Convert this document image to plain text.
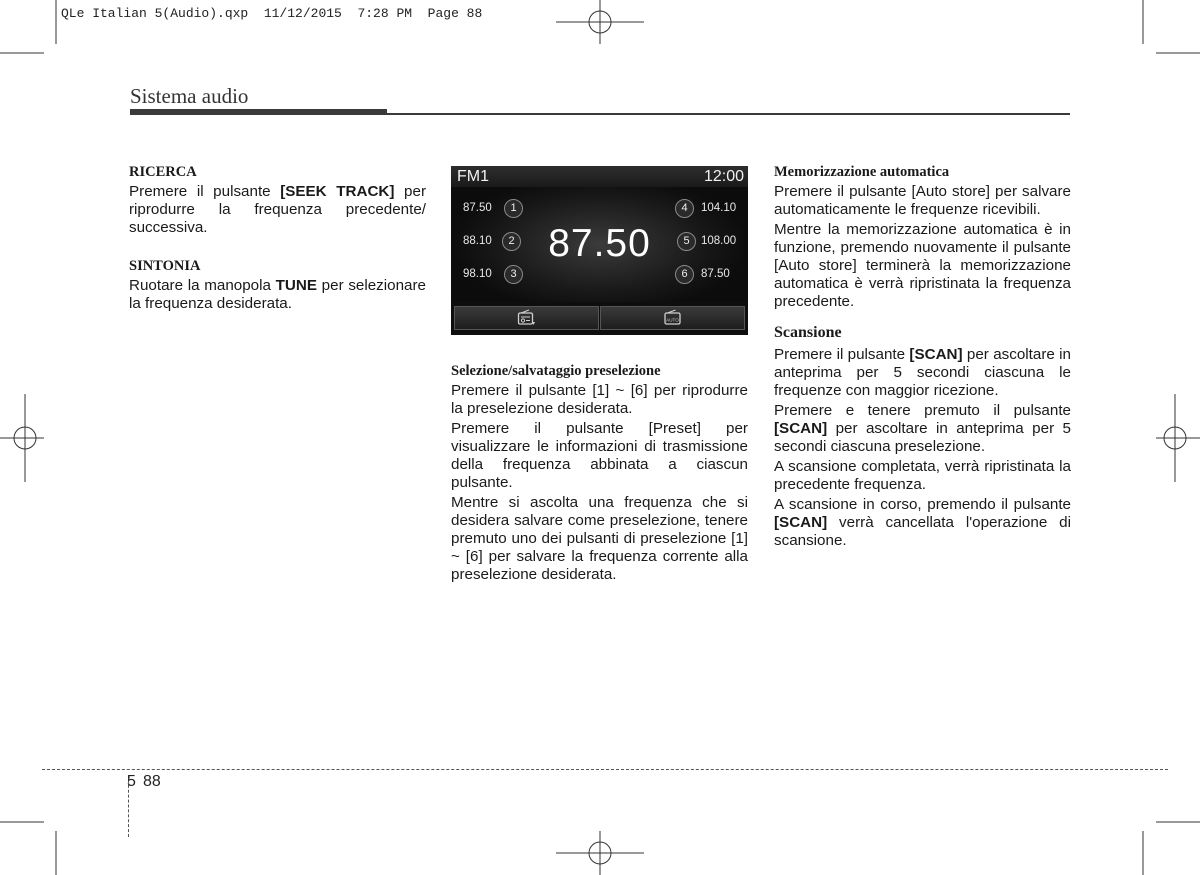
QLe Italian 5(Audio).qxp  11/12/2015  7:28 PM  Page 88
Sistema audio
RICERCA

Premere il pulsante [SEEK TRACK] per riprodurre la frequenza precedente/ successiva.

SINTONIA

Ruotare la manopola TUNE per selezionare la frequenza desiderata.

FM1	12:00
87.50
87.50	1
88.10	2
98.10	3
4	104.10
5 108.00
6	87.50
AUTO
Selezione/salvataggio preselezione

Premere il pulsante [1] ~ [6] per riprodurre la preselezione desiderata.

Premere il pulsante [Preset] per visualizzare le informazioni di trasmissione della frequenza abbinata a ciascun pulsante.

Mentre si ascolta una frequenza che si desidera salvare come preselezione, tenere premuto uno dei pulsanti di preselezione [1] ~ [6] per salvare la frequenza corrente alla preselezione desiderata.

Memorizzazione automatica

Premere il pulsante [Auto store] per salvare automaticamente le frequenze ricevibili.

Mentre la memorizzazione automatica è in funzione, premendo nuovamente il pulsante [Auto store] terminerà la memorizzazione automatica è verrà ripristinata la frequenza precedente.

Scansione

Premere il pulsante [SCAN] per ascoltare in anteprima per 5 secondi ciascuna le frequenze con maggior ricezione.

Premere e tenere premuto il pulsante [SCAN] per ascoltare in anteprima per 5 secondi ciascuna preselezione.

A scansione completata, verrà ripristinata la precedente frequenza.

A scansione in corso, premendo il pulsante [SCAN] verrà cancellata l'operazione di scansione.

5 88
